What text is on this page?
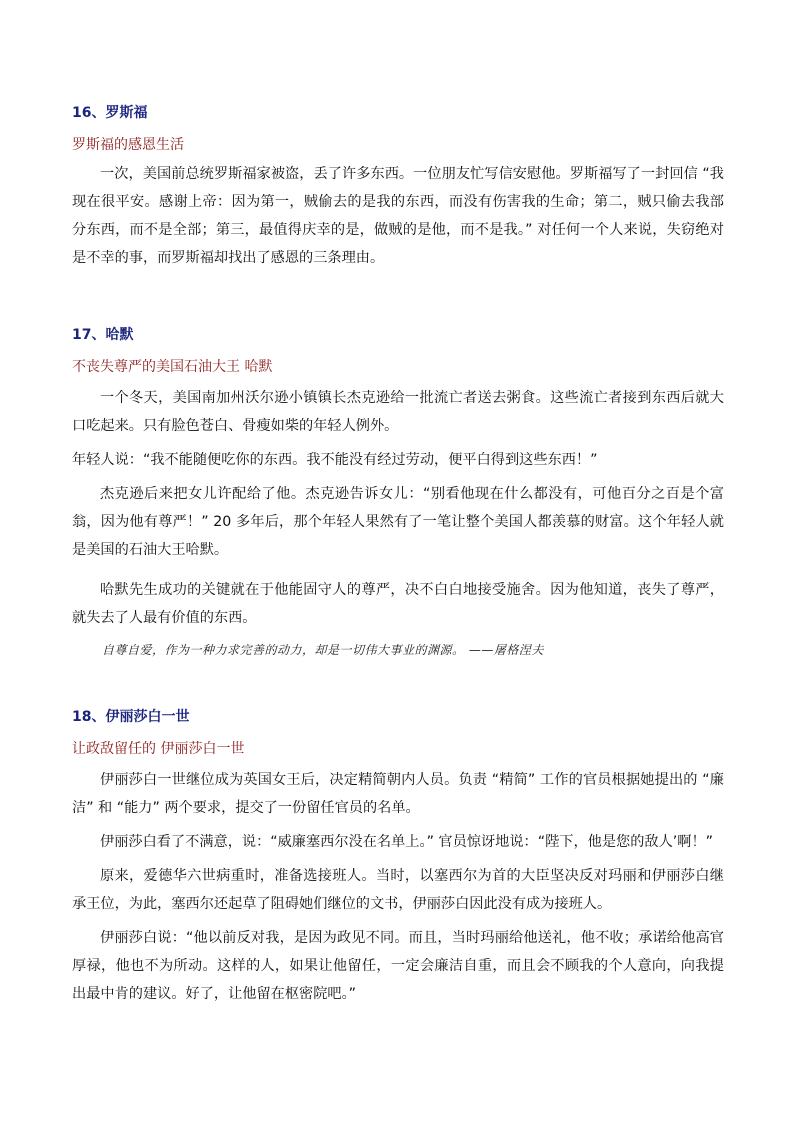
16、罗斯福
罗斯福的感恩生活

一次，美国前总统罗斯福家被盗，丢了许多东西。一位朋友忙写信安慰他。罗斯福写了一封回信 “我现在很平安。感谢上帝：因为第一，贼偷去的是我的东西，而没有伤害我的生命；第二，贼只偷去我部分东西，而不是全部；第三，最值得庆幸的是，做贼的是他，而不是我。” 对任何一个人来说，失窃绝对是不幸的事，而罗斯福却找出了感恩的三条理由。

17、哈默
不丧失尊严的美国石油大王 哈默

一个冬天，美国南加州沃尔逊小镇镇长杰克逊给一批流亡者送去粥食。这些流亡者接到东西后就大口吃起来。只有脸色苍白、骨瘦如柴的年轻人例外。

年轻人说：“我不能随便吃你的东西。我不能没有经过劳动，便平白得到这些东西！”

杰克逊后来把女儿许配给了他。杰克逊告诉女儿：“别看他现在什么都没有，可他百分之百是个富翁，因为他有尊严！” 20 多年后，那个年轻人果然有了一笔让整个美国人都羡慕的财富。这个年轻人就是美国的石油大王哈默。

哈默先生成功的关键就在于他能固守人的尊严，决不白白地接受施舍。因为他知道，丧失了尊严，就失去了人最有价值的东西。

自尊自爱，作为一种力求完善的动力，却是一切伟大事业的渊源。 ——屠格涅夫
18、伊丽莎白一世
让政敌留任的 伊丽莎白一世

伊丽莎白一世继位成为英国女王后，决定精简朝内人员。负责 “精简” 工作的官员根据她提出的 “廉洁” 和 “能力” 两个要求，提交了一份留任官员的名单。

伊丽莎白看了不满意，说：“威廉塞西尔没在名单上。” 官员惊讶地说：“陛下，他是您的敌人’啊！”

原来，爱德华六世病重时，准备选接班人。当时，以塞西尔为首的大臣坚决反对玛丽和伊丽莎白继承王位，为此，塞西尔还起草了阻碍她们继位的文书，伊丽莎白因此没有成为接班人。

伊丽莎白说：“他以前反对我，是因为政见不同。而且，当时玛丽给他送礼，他不收；承诺给他高官厚禄，他也不为所动。这样的人，如果让他留任，一定会廉洁自重，而且会不顾我的个人意向，向我提出最中肯的建议。好了，让他留在枢密院吧。”
